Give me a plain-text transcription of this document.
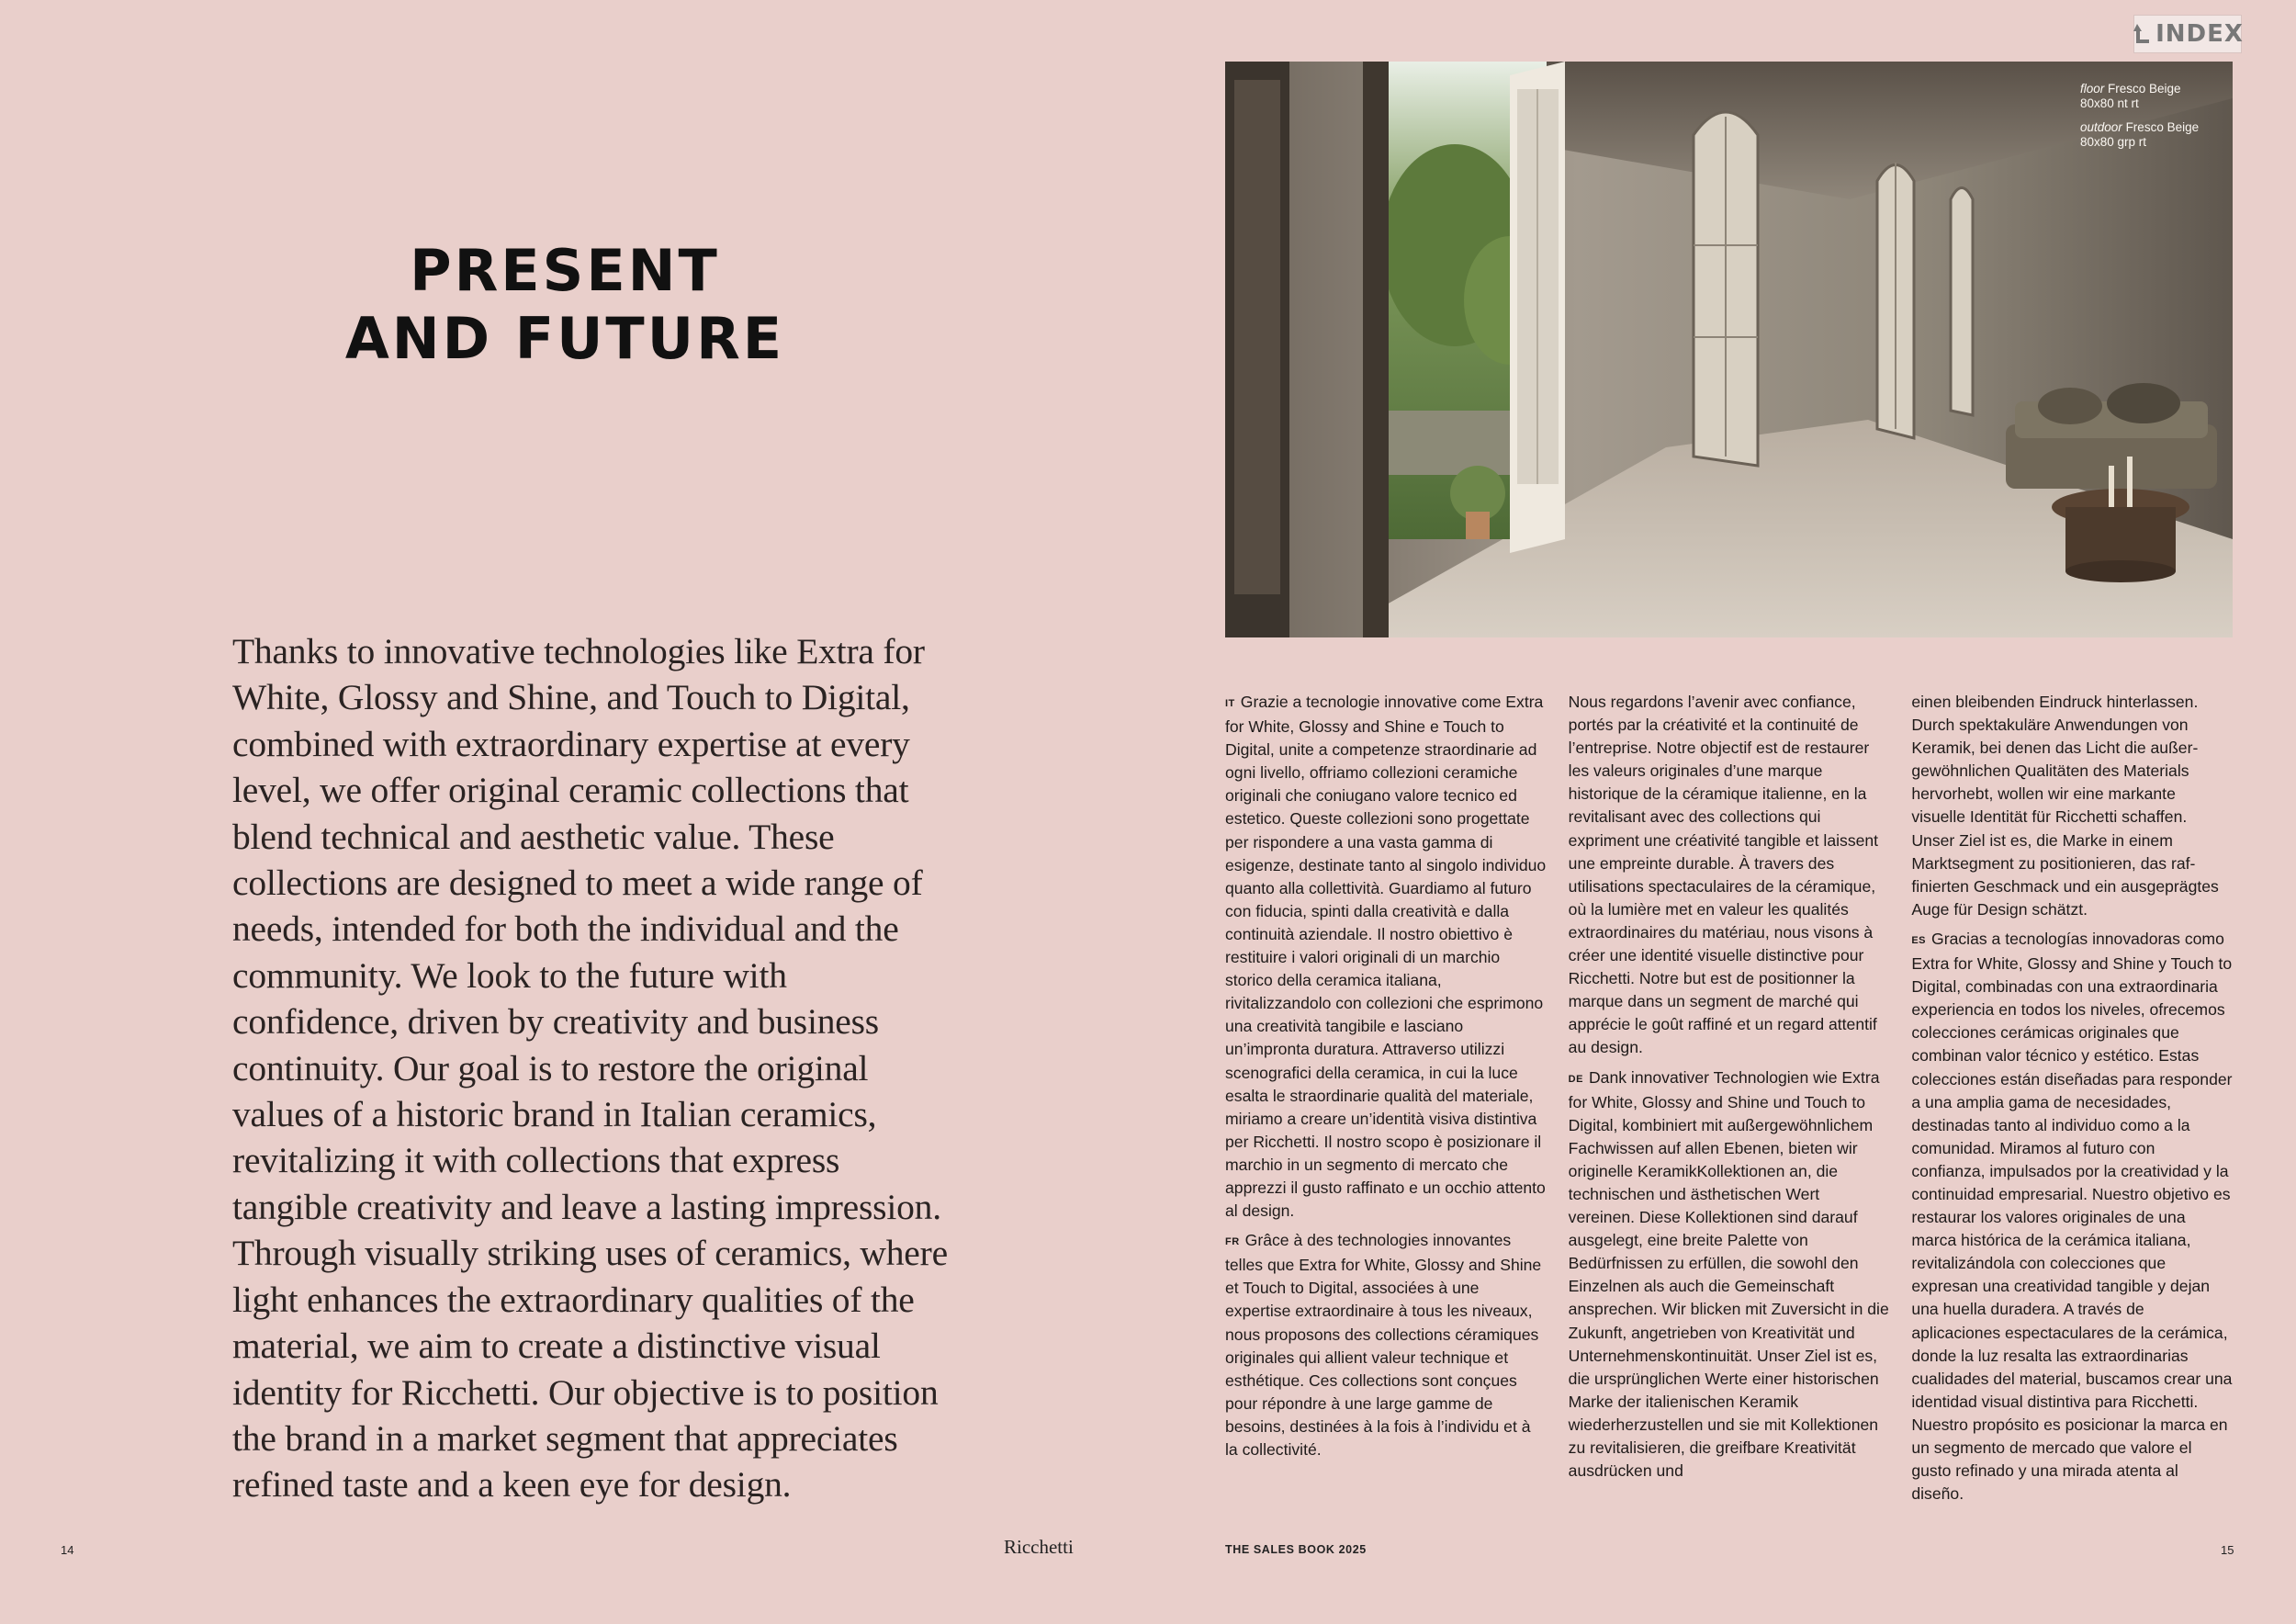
PRESENT
AND FUTURE
Thanks to innovative technologies like Extra for White, Glossy and Shine, and Touch to Digital, combined with extraordinary expertise at every level, we offer original ceramic collections that blend technical and aesthetic value. These collections are designed to meet a wide range of needs, intended for both the individual and the community. We look to the future with confidence, driven by creativity and business continuity. Our goal is to restore the original values of a historic brand in Italian ceramics, revitalizing it with collections that express tangible creativity and leave a lasting impression. Through visually striking uses of ceramics, where light enhances the extraordinary qualities of the material, we aim to create a distinctive visual identity for Ricchetti. Our objective is to position the brand in a market segment that appreciates refined taste and a keen eye for design.
14	Ricchetti
INDEX

floor Fresco Beige
80x80 nt rt

outdoor Fresco Beige
80x80 grp rt

IT Grazie a tecnologie innovative come Extra for White, Glossy and Shine e Touch to Digital, unite a competenze straordinarie ad ogni livello, offriamo collezioni ceramiche originali che coniugano valore tecnico ed estetico. Queste collezioni sono progettate per rispondere a una vasta gamma di esigenze, destinate tanto al singolo individuo quanto alla collettività. Guardiamo al futuro con fiducia, spinti dalla creatività e dalla continuità aziendale. Il nostro obiettivo è restituire i valori originali di un marchio storico della ceramica italiana, rivitalizzandolo con collezioni che esprimono una creatività tangibile e lasciano un’impronta duratura. Attraverso utilizzi scenografici della ceramica, in cui la luce esalta le straordinarie qualità del materiale, miriamo a creare un’identità visiva distintiva per Ricchetti. Il nostro scopo è posizionare il marchio in un segmento di mercato che apprezzi il gusto raffinato e un occhio attento al design.

FR Grâce à des technologies innovantes telles que Extra for White, Glossy and Shine et Touch to Digital, associées à une expertise extraordinaire à tous les niveaux, nous proposons des collections céramiques originales qui allient valeur technique et esthétique. Ces collections sont conçues pour répondre à une large gamme de besoins, destinées à la fois à l’individu et à la collectivité.

Nous regardons l’avenir avec confiance, portés par la créativité et la continuité de l’entreprise. Notre objectif est de restaurer les valeurs originales d’une marque historique de la céramique italienne, en la revitalisant avec des collections qui expriment une créativité tangible et laissent une empreinte durable. À travers des utilisations spectaculaires de la céramique, où la lumière met en valeur les qualités extraordinaires du matériau, nous visons à créer une identité visuelle distinctive pour Ricchetti. Notre but est de positionner la marque dans un segment de marché qui apprécie le goût raffiné et un regard attentif au design.

DE Dank innovativer Technologien wie Extra for White, Glossy and Shine und Touch to Digital, kombiniert mit außergewöhnlichem Fachwissen auf allen Ebenen, bieten wir originelle KeramikKollektionen an, die technischen und ästhetischen Wert vereinen. Diese Kollektionen sind darauf ausgelegt, eine breite Palette von Bedürfnissen zu erfüllen, die sowohl den Einzelnen als auch die Gemeinschaft ansprechen. Wir blicken mit Zuversicht in die Zukunft, angetrieben von Kreativität und Unternehmenskontinuität. Unser Ziel ist es, die ursprünglichen Werte einer historischen Marke der italienischen Keramik wiederherzustellen und sie mit Kollektionen zu revitalisieren, die greifbare Kreativität ausdrücken und

einen bleibenden Eindruck hinterlassen. Durch spektakuläre Anwendungen von Keramik, bei denen das Licht die außergewöhnlichen Qualitäten des Materials hervorhebt, wollen wir eine markante visuelle Identität für Ricchetti schaffen. Unser Ziel ist es, die Marke in einem Marktsegment zu positionieren, das raffinierten Geschmack und ein ausgeprägtes Auge für Design schätzt.

ES Gracias a tecnologías innovadoras como Extra for White, Glossy and Shine y Touch to Digital, combinadas con una extraordinaria experiencia en todos los niveles, ofrecemos colecciones cerámicas originales que combinan valor técnico y estético. Estas colecciones están diseñadas para responder a una amplia gama de necesidades, destinadas tanto al individuo como a la comunidad. Miramos al futuro con confianza, impulsados por la creatividad y la continuidad empresarial. Nuestro objetivo es restaurar los valores originales de una marca histórica de la cerámica italiana, revitalizándola con colecciones que expresan una creatividad tangible y dejan una huella duradera. A través de aplicaciones espectaculares de la cerámica, donde la luz resalta las extraordinarias cualidades del material, buscamos crear una identidad visual distintiva para Ricchetti. Nuestro propósito es posicionar la marca en un segmento de mercado que valore el gusto refinado y una mirada atenta al diseño.

THE SALES BOOK 2025	15
